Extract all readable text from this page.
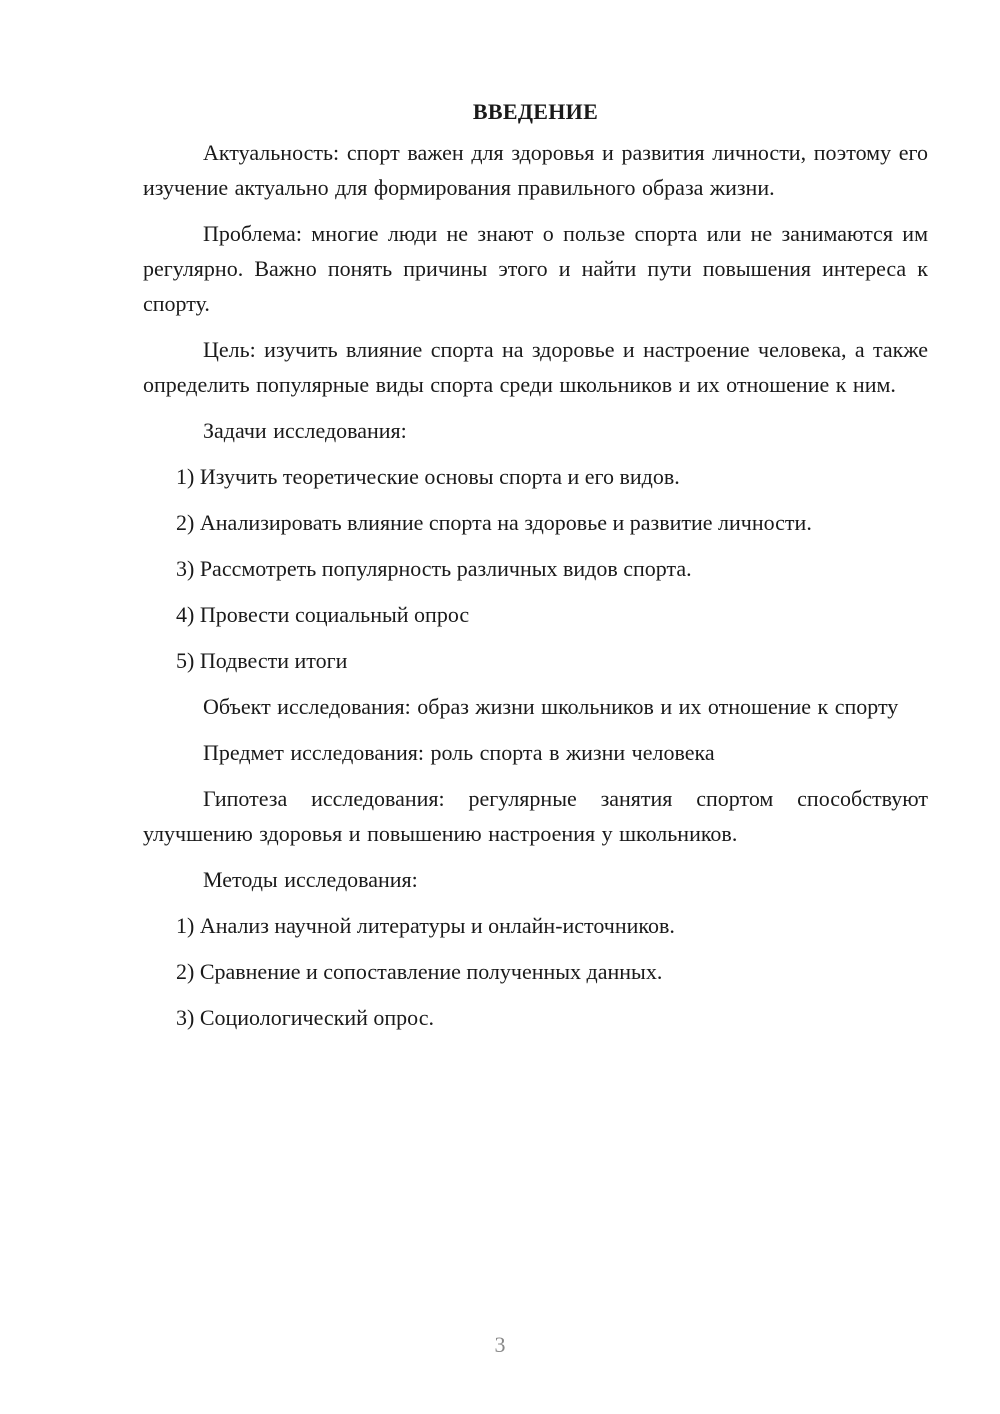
ВВЕДЕНИЕ

Актуальность: спорт важен для здоровья и развития личности, поэтому его изучение актуально для формирования правильного образа жизни.

Проблема: многие люди не знают о пользе спорта или не занимаются им регулярно. Важно понять причины этого и найти пути повышения интереса к спорту.

Цель: изучить влияние спорта на здоровье и настроение человека, а также определить популярные виды спорта среди школьников и их отношение к ним.

Задачи исследования:

1) Изучить теоретические основы спорта и его видов.

2) Анализировать влияние спорта на здоровье и развитие личности.

3) Рассмотреть популярность различных видов спорта.

4) Провести социальный опрос

5) Подвести итоги

Объект исследования: образ жизни школьников и их отношение к спорту

Предмет исследования: роль спорта в жизни человека

Гипотеза исследования: регулярные занятия спортом способствуют улучшению здоровья и повышению настроения у школьников.

Методы исследования:

1) Анализ научной литературы и онлайн-источников.

2) Сравнение и сопоставление полученных данных.

3) Социологический опрос.

3
